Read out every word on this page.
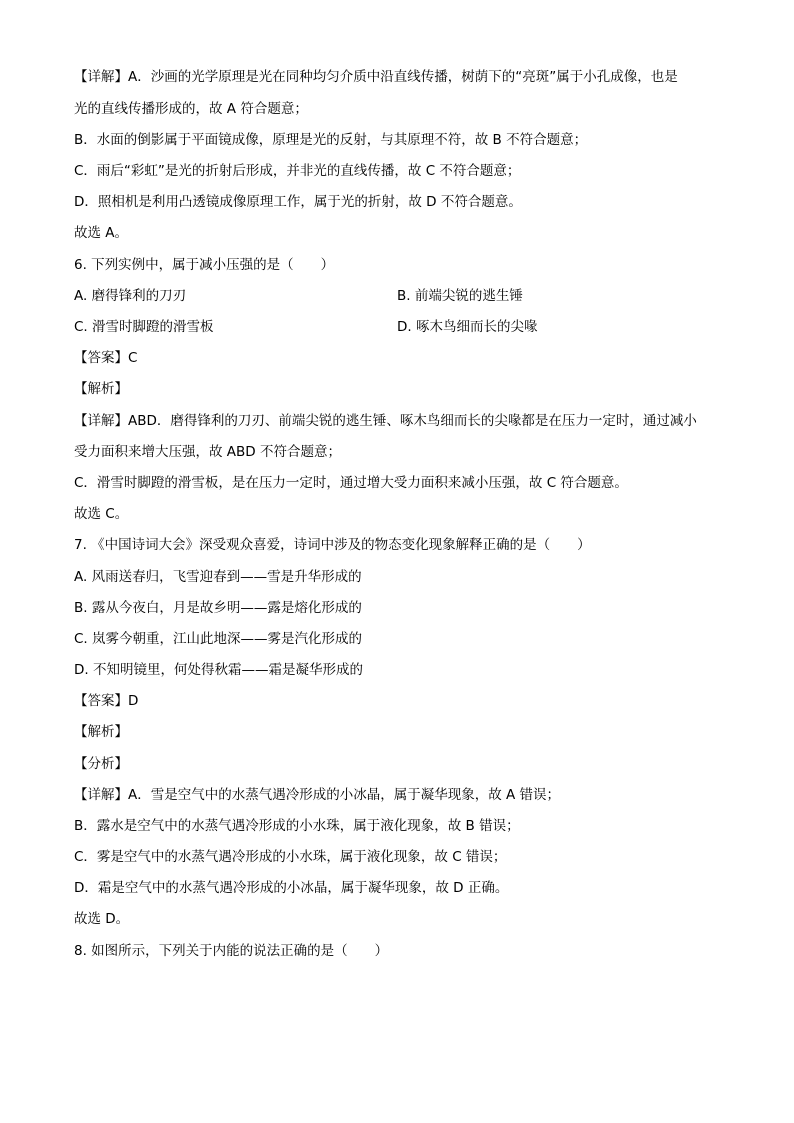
【详解】A．沙画的光学原理是光在同种均匀介质中沿直线传播，树荫下的“亮斑”属于小孔成像，也是
光的直线传播形成的，故 A 符合题意；
B．水面的倒影属于平面镜成像，原理是光的反射，与其原理不符，故 B 不符合题意；
C．雨后“彩虹”是光的折射后形成，并非光的直线传播，故 C 不符合题意；
D．照相机是利用凸透镜成像原理工作，属于光的折射，故 D 不符合题意。
故选 A。
6. 下列实例中，属于减小压强的是（　　）
A. 磨得锋利的刀刃	B. 前端尖锐的逃生锤
C. 滑雪时脚蹬的滑雪板	D. 啄木鸟细而长的尖喙
【答案】C
【解析】
【详解】ABD．磨得锋利的刀刃、前端尖锐的逃生锤、啄木鸟细而长的尖喙都是在压力一定时，通过减小
受力面积来增大压强，故 ABD 不符合题意；
C．滑雪时脚蹬的滑雪板，是在压力一定时，通过增大受力面积来减小压强，故 C 符合题意。
故选 C。
7. 《中国诗词大会》深受观众喜爱，诗词中涉及的物态变化现象解释正确的是（　　）
A. 风雨送春归，飞雪迎春到——雪是升华形成的
B. 露从今夜白，月是故乡明——露是熔化形成的
C. 岚雾今朝重，江山此地深——雾是汽化形成的
D. 不知明镜里，何处得秋霜——霜是凝华形成的
【答案】D
【解析】
【分析】
【详解】A．雪是空气中的水蒸气遇冷形成的小冰晶，属于凝华现象，故 A 错误；
B．露水是空气中的水蒸气遇冷形成的小水珠，属于液化现象，故 B 错误；
C．雾是空气中的水蒸气遇冷形成的小水珠，属于液化现象，故 C 错误；
D．霜是空气中的水蒸气遇冷形成的小冰晶，属于凝华现象，故 D 正确。
故选 D。
8. 如图所示，下列关于内能的说法正确的是（　　）
